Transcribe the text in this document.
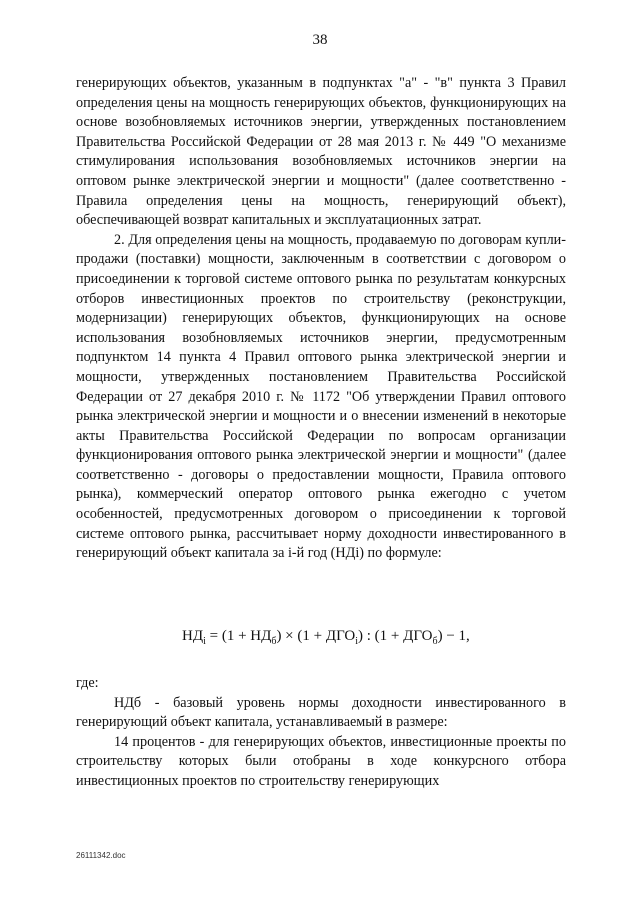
38

генерирующих объектов, указанным в подпунктах "а" - "в" пункта 3 Правил определения цены на мощность генерирующих объектов, функционирующих на основе возобновляемых источников энергии, утвержденных постановлением Правительства Российской Федерации от 28 мая 2013 г. № 449 "О механизме стимулирования использования возобновляемых источников энергии на оптовом рынке электрической энергии и мощности" (далее соответственно - Правила определения цены на мощность, генерирующий объект), обеспечивающей возврат капитальных и эксплуатационных затрат.

2. Для определения цены на мощность, продаваемую по договорам купли-продажи (поставки) мощности, заключенным в соответствии с договором о присоединении к торговой системе оптового рынка по результатам конкурсных отборов инвестиционных проектов по строительству (реконструкции, модернизации) генерирующих объектов, функционирующих на основе использования возобновляемых источников энергии, предусмотренным подпунктом 14 пункта 4 Правил оптового рынка электрической энергии и мощности, утвержденных постановлением Правительства Российской Федерации от 27 декабря 2010 г. № 1172 "Об утверждении Правил оптового рынка электрической энергии и мощности и о внесении изменений в некоторые акты Правительства Российской Федерации по вопросам организации функционирования оптового рынка электрической энергии и мощности" (далее соответственно - договоры о предоставлении мощности, Правила оптового рынка), коммерческий оператор оптового рынка ежегодно с учетом особенностей, предусмотренных договором о присоединении к торговой системе оптового рынка, рассчитывает норму доходности инвестированного в генерирующий объект капитала за i-й год (НДi) по формуле:

$НД_i = (1 + НД_б) \times (1 + ДГО_i)$ : $(1 + ДГО_б) - 1$,

где:

НДб - базовый уровень нормы доходности инвестированного в генерирующий объект капитала, устанавливаемый в размере:

14 процентов - для генерирующих объектов, инвестиционные проекты по строительству которых были отобраны в ходе конкурсного отбора инвестиционных проектов по строительству генерирующих

26111342.doc
